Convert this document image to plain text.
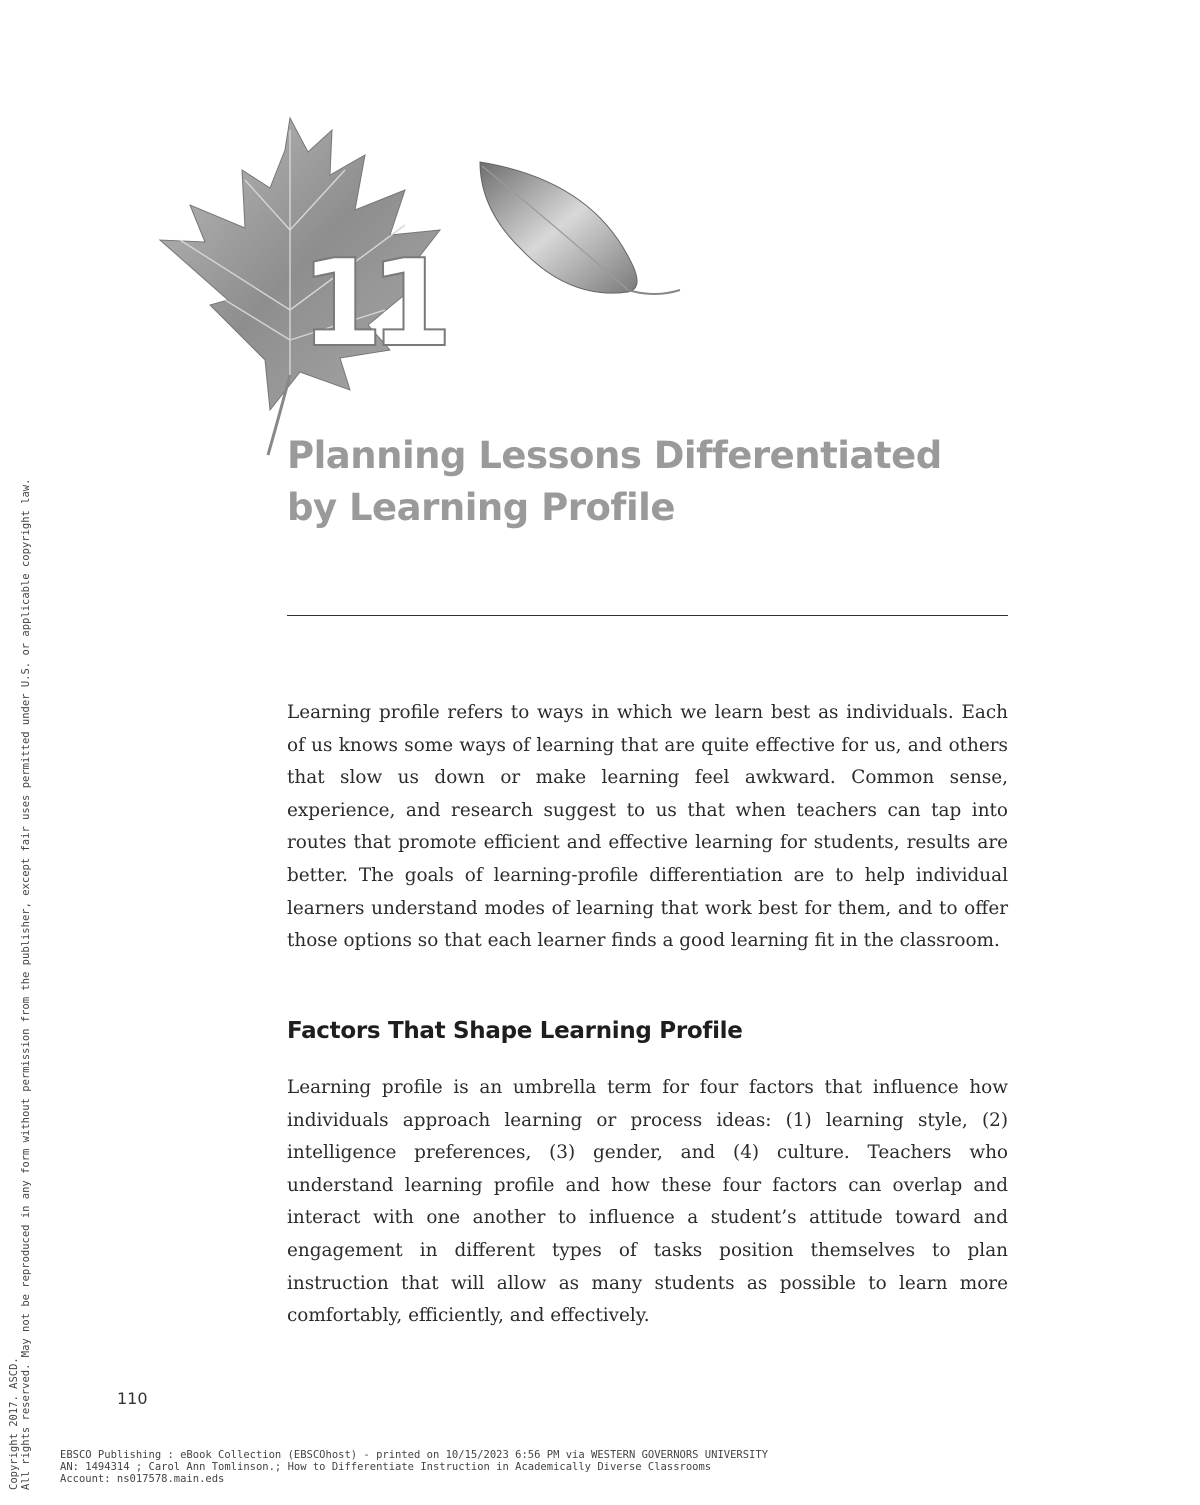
11
Planning Lessons Differentiated
by Learning Profile

Learning profile refers to ways in which we learn best as individuals. Each of us knows some ways of learning that are quite effective for us, and others that slow us down or make learning feel awkward. Common sense, experience, and research suggest to us that when teachers can tap into routes that promote efficient and effective learning for students, results are better. The goals of learning-profile differentiation are to help individual learners understand modes of learning that work best for them, and to offer those options so that each learner finds a good learning fit in the classroom.

Factors That Shape Learning Profile

Learning profile is an umbrella term for four factors that influence how individuals approach learning or process ideas: (1) learning style, (2) intelligence preferences, (3) gender, and (4) culture. Teachers who understand learning profile and how these four factors can overlap and interact with one another to influence a student’s attitude toward and engagement in different types of tasks position themselves to plan instruction that will allow as many students as possible to learn more comfortably, efficiently, and effectively.

110
Copyright 2017. ASCD. All rights reserved. May not be reproduced in any form without permission from the publisher, except fair uses permitted under U.S. or applicable copyright law.	EBSCO Publishing : eBook Collection (EBSCOhost) - printed on 10/15/2023 6:56 PM via WESTERN GOVERNORS UNIVERSITY
AN: 1494314 ; Carol Ann Tomlinson.; How to Differentiate Instruction in Academically Diverse Classrooms
Account: ns017578.main.eds
